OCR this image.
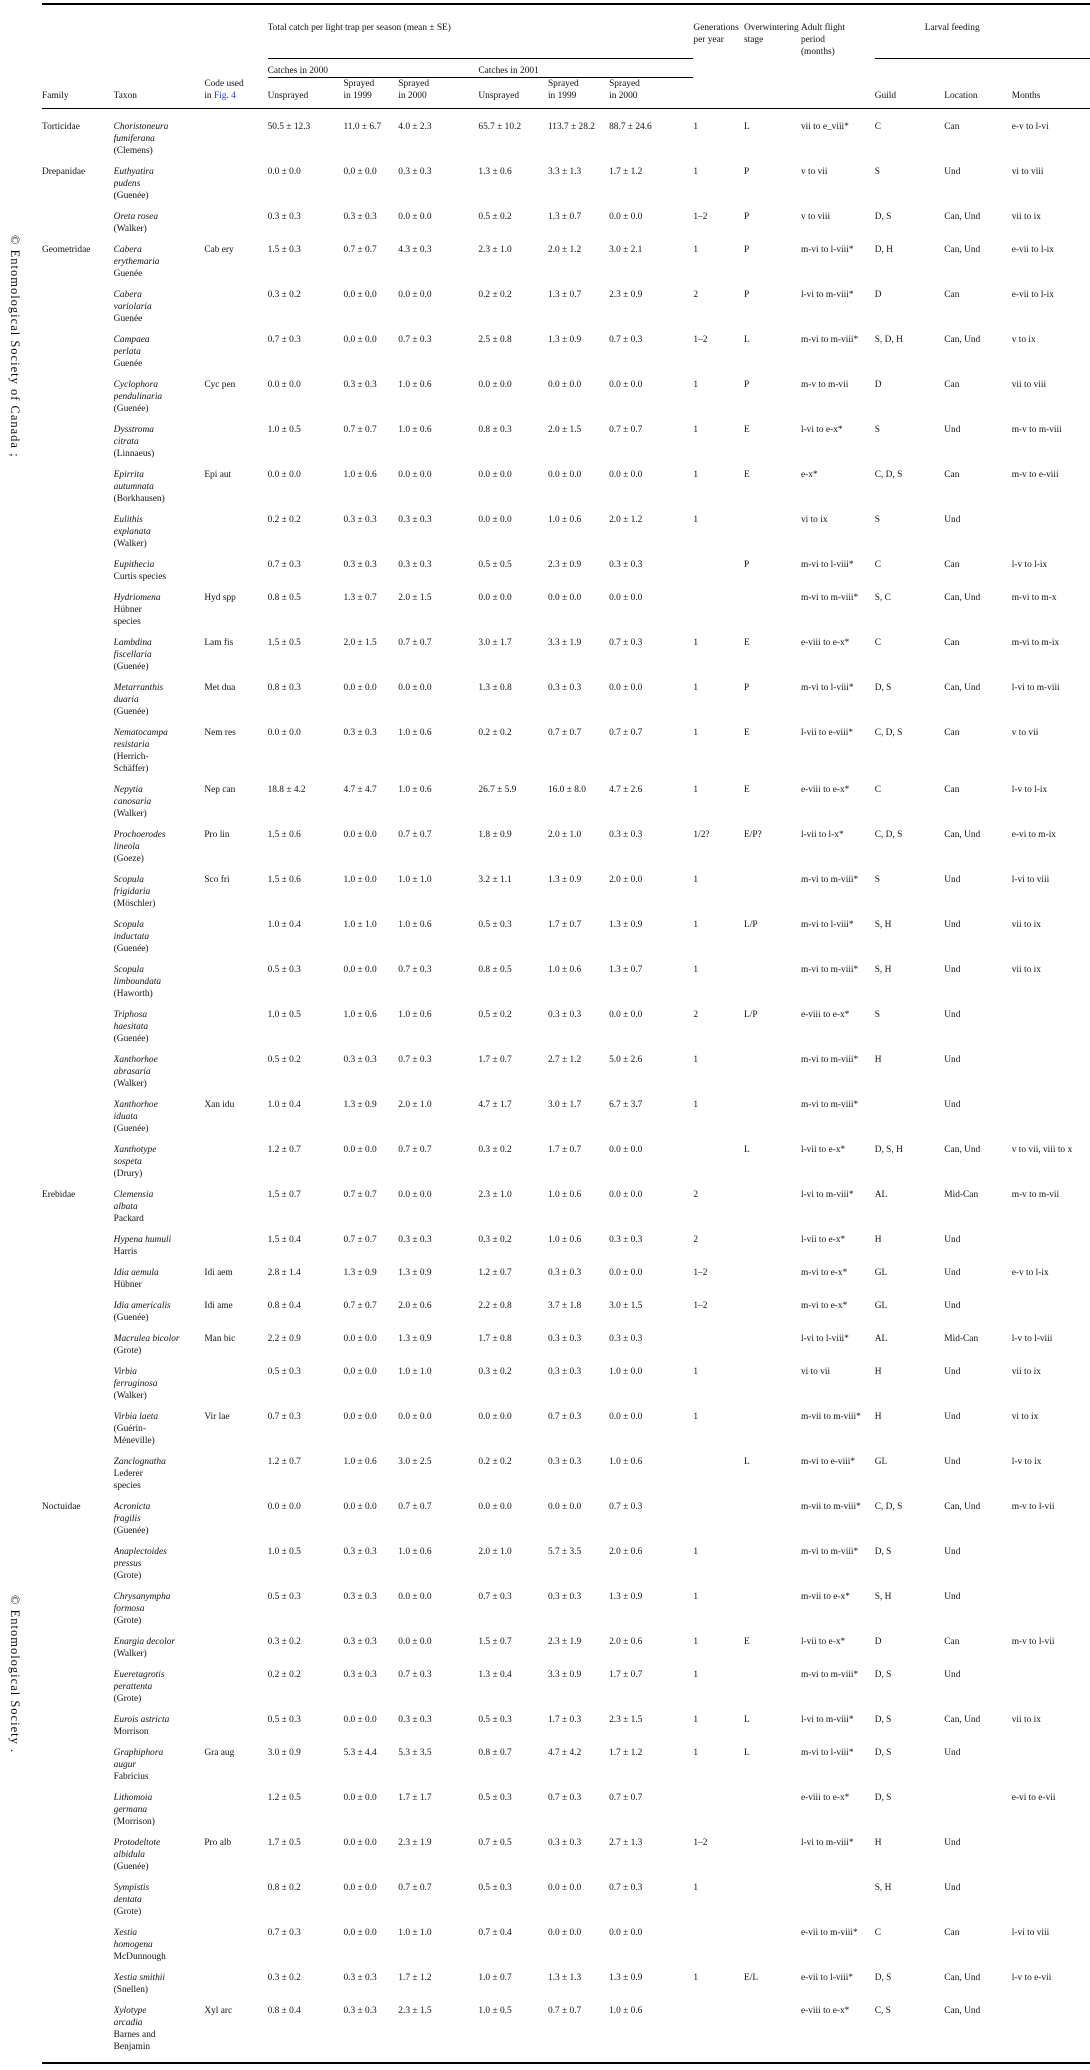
© Entomological Society of Canada ;
© Entomological Society .

			Total catch per light trap per season (mean ± SE)						Generations
per year	Overwintering
stage	Adult flight
period
(months)	Larval feeding		
			Catches in 2000			Catches in 2001								
Family	Taxon	Code used
in Fig. 4	Unsprayed	Sprayed
in 1999	Sprayed
in 2000	Unsprayed	Sprayed
in 1999	Sprayed
in 2000				Guild	Location	Months
Torticidae	Choristoneura
fumiferana
(Clemens)		50.5 ± 12.3	11.0 ± 6.7	4.0 ± 2.3	65.7 ± 10.2	113.7 ± 28.2	88.7 ± 24.6	1	L	vii to e_viii*	C	Can	e-v to l-vi
Drepanidae	Euthyatira
pudens
(Guenée)		0.0 ± 0.0	0.0 ± 0.0	0.3 ± 0.3	1.3 ± 0.6	3.3 ± 1.3	1.7 ± 1.2	1	P	v to vii	S	Und	vi to viii
	Oreta rosea
(Walker)		0.3 ± 0.3	0.3 ± 0.3	0.0 ± 0.0	0.5 ± 0.2	1.3 ± 0.7	0.0 ± 0.0	1–2	P	v to viii	D, S	Can, Und	vii to ix
Geometridae	Cabera
erythemaria
Guenée	Cab ery	1.5 ± 0.3	0.7 ± 0.7	4.3 ± 0.3	2.3 ± 1.0	2.0 ± 1.2	3.0 ± 2.1	1	P	m-vi to l-viii*	D, H	Can, Und	e-vii to l-ix
	Cabera
variolaria
Guenée		0.3 ± 0.2	0.0 ± 0.0	0.0 ± 0.0	0.2 ± 0.2	1.3 ± 0.7	2.3 ± 0.9	2	P	l-vi to m-viii*	D	Can	e-vii to l-ix
	Campaea
perlata
Guenée		0.7 ± 0.3	0.0 ± 0.0	0.7 ± 0.3	2.5 ± 0.8	1.3 ± 0.9	0.7 ± 0.3	1–2	L	m-vi to m-viii*	S, D, H	Can, Und	v to ix
	Cyclophora
pendulinaria
(Guenée)	Cyc pen	0.0 ± 0.0	0.3 ± 0.3	1.0 ± 0.6	0.0 ± 0.0	0.0 ± 0.0	0.0 ± 0.0	1	P	m-v to m-vii	D	Can	vii to viii
	Dysstroma
citrata
(Linnaeus)		1.0 ± 0.5	0.7 ± 0.7	1.0 ± 0.6	0.8 ± 0.3	2.0 ± 1.5	0.7 ± 0.7	1	E	l-vi to e-x*	S	Und	m-v to m-viii
	Epirrita
autumnata
(Borkhausen)	Epi aut	0.0 ± 0.0	1.0 ± 0.6	0.0 ± 0.0	0.0 ± 0.0	0.0 ± 0.0	0.0 ± 0.0	1	E	e-x*	C, D, S	Can	m-v to e-viii
	Eulithis
explanata
(Walker)		0.2 ± 0.2	0.3 ± 0.3	0.3 ± 0.3	0.0 ± 0.0	1.0 ± 0.6	2.0 ± 1.2	1		vi to ix	S	Und	
	Eupithecia
Curtis species		0.7 ± 0.3	0.3 ± 0.3	0.3 ± 0.3	0.5 ± 0.5	2.3 ± 0.9	0.3 ± 0.3		P	m-vi to l-viii*	C	Can	l-v to l-ix
	Hydriomena
Hübner
species	Hyd spp	0.8 ± 0.5	1.3 ± 0.7	2.0 ± 1.5	0.0 ± 0.0	0.0 ± 0.0	0.0 ± 0.0			m-vi to m-viii*	S, C	Can, Und	m-vi to m-x
	Lambdina
fiscellaria
(Guenée)	Lam fis	1.5 ± 0.5	2.0 ± 1.5	0.7 ± 0.7	3.0 ± 1.7	3.3 ± 1.9	0.7 ± 0.3	1	E	e-viii to e-x*	C	Can	m-vi to m-ix
	Metarranthis
duaria
(Guenée)	Met dua	0.8 ± 0.3	0.0 ± 0.0	0.0 ± 0.0	1.3 ± 0.8	0.3 ± 0.3	0.0 ± 0.0	1	P	m-vi to l-viii*	D, S	Can, Und	l-vi to m-viii
	Nematocampa
resistaria
(Herrich-
Schäffer)	Nem res	0.0 ± 0.0	0.3 ± 0.3	1.0 ± 0.6	0.2 ± 0.2	0.7 ± 0.7	0.7 ± 0.7	1	E	l-vii to e-viii*	C, D, S	Can	v to vii
	Nepytia
canosaria
(Walker)	Nep can	18.8 ± 4.2	4.7 ± 4.7	1.0 ± 0.6	26.7 ± 5.9	16.0 ± 8.0	4.7 ± 2.6	1	E	e-viii to e-x*	C	Can	l-v to l-ix
	Prochoerodes
lineola
(Goeze)	Pro lin	1.5 ± 0.6	0.0 ± 0.0	0.7 ± 0.7	1.8 ± 0.9	2.0 ± 1.0	0.3 ± 0.3	1/2?	E/P?	l-vii to l-x*	C, D, S	Can, Und	e-vi to m-ix
	Scopula
frigidaria
(Möschler)	Sco fri	1.5 ± 0.6	1.0 ± 0.0	1.0 ± 1.0	3.2 ± 1.1	1.3 ± 0.9	2.0 ± 0.0	1		m-vi to m-viii*	S	Und	l-vi to viii
	Scopula
inductata
(Guenée)		1.0 ± 0.4	1.0 ± 1.0	1.0 ± 0.6	0.5 ± 0.3	1.7 ± 0.7	1.3 ± 0.9	1	L/P	m-vi to l-viii*	S, H	Und	vii to ix
	Scopula
limboundata
(Haworth)		0.5 ± 0.3	0.0 ± 0.0	0.7 ± 0.3	0.8 ± 0.5	1.0 ± 0.6	1.3 ± 0.7	1		m-vi to m-viii*	S, H	Und	vii to ix
	Triphosa
haesitata
(Guenée)		1.0 ± 0.5	1.0 ± 0.6	1.0 ± 0.6	0.5 ± 0.2	0.3 ± 0.3	0.0 ± 0.0	2	L/P	e-viii to e-x*	S	Und	
	Xanthorhoe
abrasaria
(Walker)		0.5 ± 0.2	0.3 ± 0.3	0.7 ± 0.3	1.7 ± 0.7	2.7 ± 1.2	5.0 ± 2.6	1		m-vi to m-viii*	H	Und	
	Xanthorhoe
iduata
(Guenée)	Xan idu	1.0 ± 0.4	1.3 ± 0.9	2.0 ± 1.0	4.7 ± 1.7	3.0 ± 1.7	6.7 ± 3.7	1		m-vi to m-viii*		Und	
	Xanthotype
sospeta
(Drury)		1.2 ± 0.7	0.0 ± 0.0	0.7 ± 0.7	0.3 ± 0.2	1.7 ± 0.7	0.0 ± 0.0		L	l-vii to e-x*	D, S, H	Can, Und	v to vii, viii to x
Erebidae	Clemensia
albata
Packard		1.5 ± 0.7	0.7 ± 0.7	0.0 ± 0.0	2.3 ± 1.0	1.0 ± 0.6	0.0 ± 0.0	2		l-vi to m-viii*	AL	Mid-Can	m-v to m-vii
	Hypena humuli
Harris		1.5 ± 0.4	0.7 ± 0.7	0.3 ± 0.3	0.3 ± 0.2	1.0 ± 0.6	0.3 ± 0.3	2		l-vii to e-x*	H	Und	
	Idia aemula
Hübner	Idi aem	2.8 ± 1.4	1.3 ± 0.9	1.3 ± 0.9	1.2 ± 0.7	0.3 ± 0.3	0.0 ± 0.0	1–2		m-vi to e-x*	GL	Und	e-v to l-ix
	Idia americalis
(Guenée)	Idi ame	0.8 ± 0.4	0.7 ± 0.7	2.0 ± 0.6	2.2 ± 0.8	3.7 ± 1.8	3.0 ± 1.5	1–2		m-vi to e-x*	GL	Und	
	Macrulea bicolor
(Grote)	Man bic	2.2 ± 0.9	0.0 ± 0.0	1.3 ± 0.9	1.7 ± 0.8	0.3 ± 0.3	0.3 ± 0.3			l-vi to l-viii*	AL	Mid-Can	l-v to l-viii
	Virbia
ferruginosa
(Walker)		0.5 ± 0.3	0.0 ± 0.0	1.0 ± 1.0	0.3 ± 0.2	0.3 ± 0.3	1.0 ± 0.0	1		vi to vii	H	Und	vii to ix
	Virbia laeta
(Guérin-
Méneville)	Vir lae	0.7 ± 0.3	0.0 ± 0.0	0.0 ± 0.0	0.0 ± 0.0	0.7 ± 0.3	0.0 ± 0.0	1		m-vii to m-viii*	H	Und	vi to ix
	Zanclognatha
Lederer
species		1.2 ± 0.7	1.0 ± 0.6	3.0 ± 2.5	0.2 ± 0.2	0.3 ± 0.3	1.0 ± 0.6		L	m-vi to e-viii*	GL	Und	l-v to ix
Noctuidae	Acronicta
fragilis
(Guenée)		0.0 ± 0.0	0.0 ± 0.0	0.7 ± 0.7	0.0 ± 0.0	0.0 ± 0.0	0.7 ± 0.3			m-vii to m-viii*	C, D, S	Can, Und	m-v to l-vii
	Anaplectoides
pressus
(Grote)		1.0 ± 0.5	0.3 ± 0.3	1.0 ± 0.6	2.0 ± 1.0	5.7 ± 3.5	2.0 ± 0.6	1		m-vi to m-viii*	D, S	Und	
	Chrysanympha
formosa
(Grote)		0.5 ± 0.3	0.3 ± 0.3	0.0 ± 0.0	0.7 ± 0.3	0.3 ± 0.3	1.3 ± 0.9	1		m-vii to e-x*	S, H	Und	
	Enargia decolor
(Walker)		0.3 ± 0.2	0.3 ± 0.3	0.0 ± 0.0	1.5 ± 0.7	2.3 ± 1.9	2.0 ± 0.6	1	E	l-vii to e-x*	D	Can	m-v to l-vii
	Eueretagrotis
perattenta
(Grote)		0.2 ± 0.2	0.3 ± 0.3	0.7 ± 0.3	1.3 ± 0.4	3.3 ± 0.9	1.7 ± 0.7	1		m-vi to m-viii*	D, S	Und	
	Eurois astricta
Morrison		0.5 ± 0.3	0.0 ± 0.0	0.3 ± 0.3	0.5 ± 0.3	1.7 ± 0.3	2.3 ± 1.5	1	L	l-vi to m-viii*	D, S	Can, Und	vii to ix
	Graphiphora
augur
Fabricius	Gra aug	3.0 ± 0.9	5.3 ± 4.4	5.3 ± 3.5	0.8 ± 0.7	4.7 ± 4.2	1.7 ± 1.2	1	L	m-vi to l-viii*	D, S	Und	
	Lithomoia
germana
(Morrison)		1.2 ± 0.5	0.0 ± 0.0	1.7 ± 1.7	0.5 ± 0.3	0.7 ± 0.3	0.7 ± 0.7			e-viii to e-x*	D, S		e-vi to e-vii
	Protodeltote
albidula
(Guenée)	Pro alb	1.7 ± 0.5	0.0 ± 0.0	2.3 ± 1.9	0.7 ± 0.5	0.3 ± 0.3	2.7 ± 1.3	1–2		l-vi to m-viii*	H	Und	
	Sympistis
dentata
(Grote)		0.8 ± 0.2	0.0 ± 0.0	0.7 ± 0.7	0.5 ± 0.3	0.0 ± 0.0	0.7 ± 0.3	1			S, H	Und	
	Xestia
homogena
McDunnough		0.7 ± 0.3	0.0 ± 0.0	1.0 ± 1.0	0.7 ± 0.4	0.0 ± 0.0	0.0 ± 0.0			e-vii to m-viii*	C	Can	l-vi to viii
	Xestia smithii
(Snellen)		0.3 ± 0.2	0.3 ± 0.3	1.7 ± 1.2	1.0 ± 0.7	1.3 ± 1.3	1.3 ± 0.9	1	E/L	e-vii to l-viii*	D, S	Can, Und	l-v to e-vii
	Xylotype
arcadia
Barnes and
Benjamin	Xyl arc	0.8 ± 0.4	0.3 ± 0.3	2.3 ± 1.5	1.0 ± 0.5	0.7 ± 0.7	1.0 ± 0.6			e-viii to e-x*	C, S	Can, Und	
